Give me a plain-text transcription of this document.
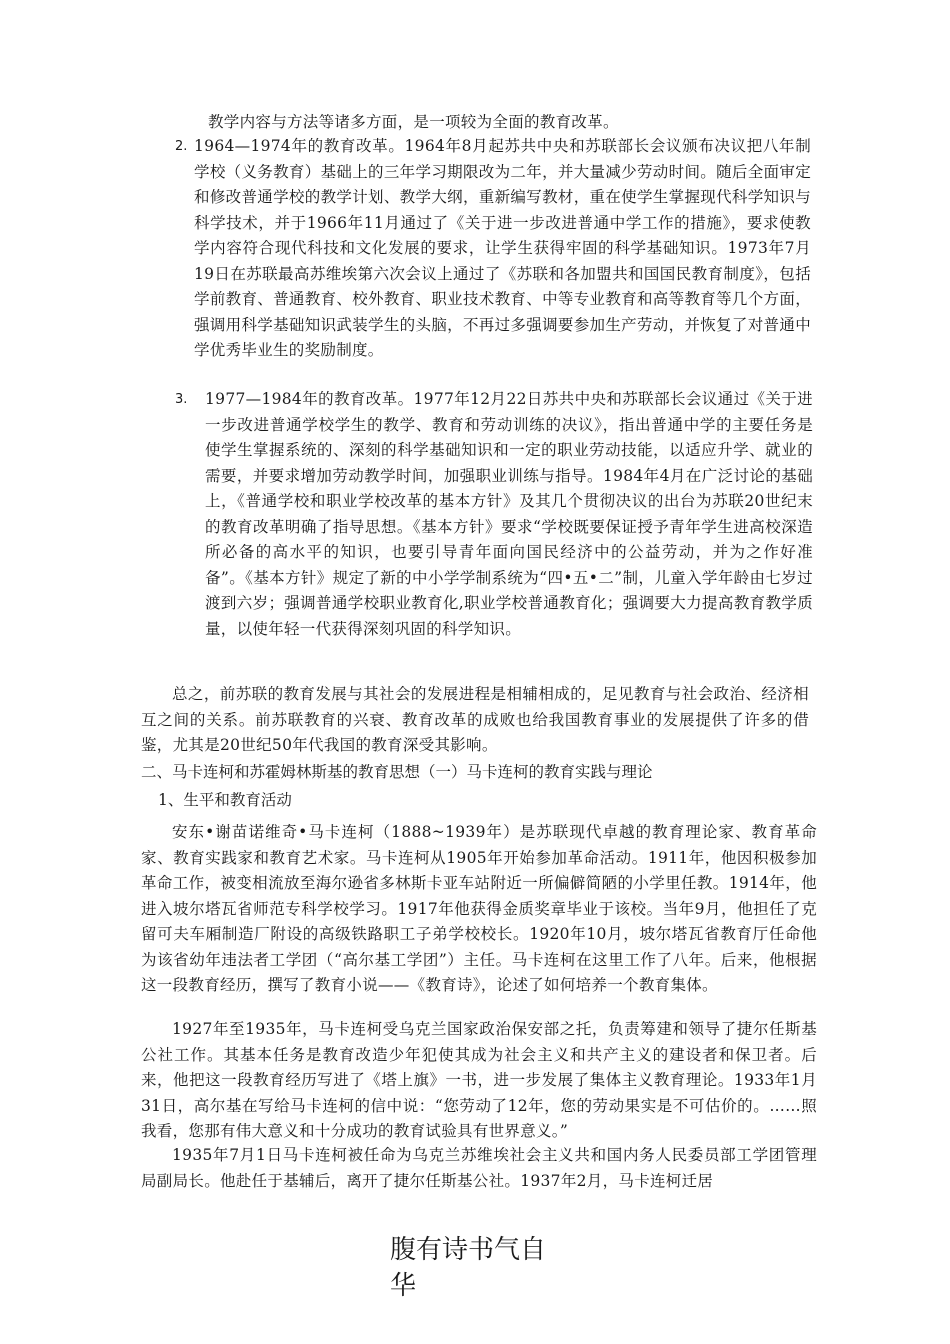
教学内容与方法等诸多方面，是一项较为全面的教育改革。
2. 1964—1974年的教育改革。1964年8月起苏共中央和苏联部长会议颁布决议把八年制学校（义务教育）基础上的三年学习期限改为二年，并大量减少劳动时间。随后全面审定和修改普通学校的教学计划、教学大纲，重新编写教材，重在使学生掌握现代科学知识与科学技术，并于1966年11月通过了《关于进一步改进普通中学工作的措施》，要求使教学内容符合现代科技和文化发展的要求，让学生获得牢固的科学基础知识。1973年7月19日在苏联最高苏维埃第六次会议上通过了《苏联和各加盟共和国国民教育制度》，包括学前教育、普通教育、校外教育、职业技术教育、中等专业教育和高等教育等几个方面，强调用科学基础知识武装学生的头脑，不再过多强调要参加生产劳动，并恢复了对普通中学优秀毕业生的奖励制度。
3. 1977—1984年的教育改革。1977年12月22日苏共中央和苏联部长会议通过《关于进一步改进普通学校学生的教学、教育和劳动训练的决议》，指出普通中学的主要任务是使学生掌握系统的、深刻的科学基础知识和一定的职业劳动技能，以适应升学、就业的需要，并要求增加劳动教学时间，加强职业训练与指导。1984年4月在广泛讨论的基础上，《普通学校和职业学校改革的基本方针》及其几个贯彻决议的出台为苏联20世纪末的教育改革明确了指导思想。《基本方针》要求“学校既要保证授予青年学生进高校深造所必备的高水平的知识，也要引导青年面向国民经济中的公益劳动，并为之作好准备”。《基本方针》规定了新的中小学学制系统为“四•五•二”制，儿童入学年龄由七岁过渡到六岁；强调普通学校职业教育化,职业学校普通教育化；强调要大力提高教育教学质量，以使年轻一代获得深刻巩固的科学知识。
总之，前苏联的教育发展与其社会的发展进程是相辅相成的，足见教育与社会政治、经济相互之间的关系。前苏联教育的兴衰、教育改革的成败也给我国教育事业的发展提供了许多的借鉴，尤其是20世纪50年代我国的教育深受其影响。
二、马卡连柯和苏霍姆林斯基的教育思想（一）马卡连柯的教育实践与理论
1、生平和教育活动
安东•谢苗诺维奇•马卡连柯（1888~1939年）是苏联现代卓越的教育理论家、教育革命家、教育实践家和教育艺术家。马卡连柯从1905年开始参加革命活动。1911年，他因积极参加革命工作，被变相流放至海尔逊省多林斯卡亚车站附近一所偏僻简陋的小学里任教。1914年，他进入坡尔塔瓦省师范专科学校学习。1917年他获得金质奖章毕业于该校。当年9月，他担任了克留可夫车厢制造厂附设的高级铁路职工子弟学校校长。1920年10月，坡尔塔瓦省教育厅任命他为该省幼年违法者工学团（“高尔基工学团”）主任。马卡连柯在这里工作了八年。后来，他根据这一段教育经历，撰写了教育小说——《教育诗》，论述了如何培养一个教育集体。
1927年至1935年，马卡连柯受乌克兰国家政治保安部之托，负责筹建和领导了捷尔任斯基公社工作。其基本任务是教育改造少年犯使其成为社会主义和共产主义的建设者和保卫者。后来，他把这一段教育经历写进了《塔上旗》一书，进一步发展了集体主义教育理论。1933年1月31日，高尔基在写给马卡连柯的信中说：“您劳动了12年，您的劳动果实是不可估价的。……照我看，您那有伟大意义和十分成功的教育试验具有世界意义。”
1935年7月1日马卡连柯被任命为乌克兰苏维埃社会主义共和国内务人民委员部工学团管理局副局长。他赴任于基辅后，离开了捷尔任斯基公社。1937年2月，马卡连柯迁居
腹有诗书气自
华
